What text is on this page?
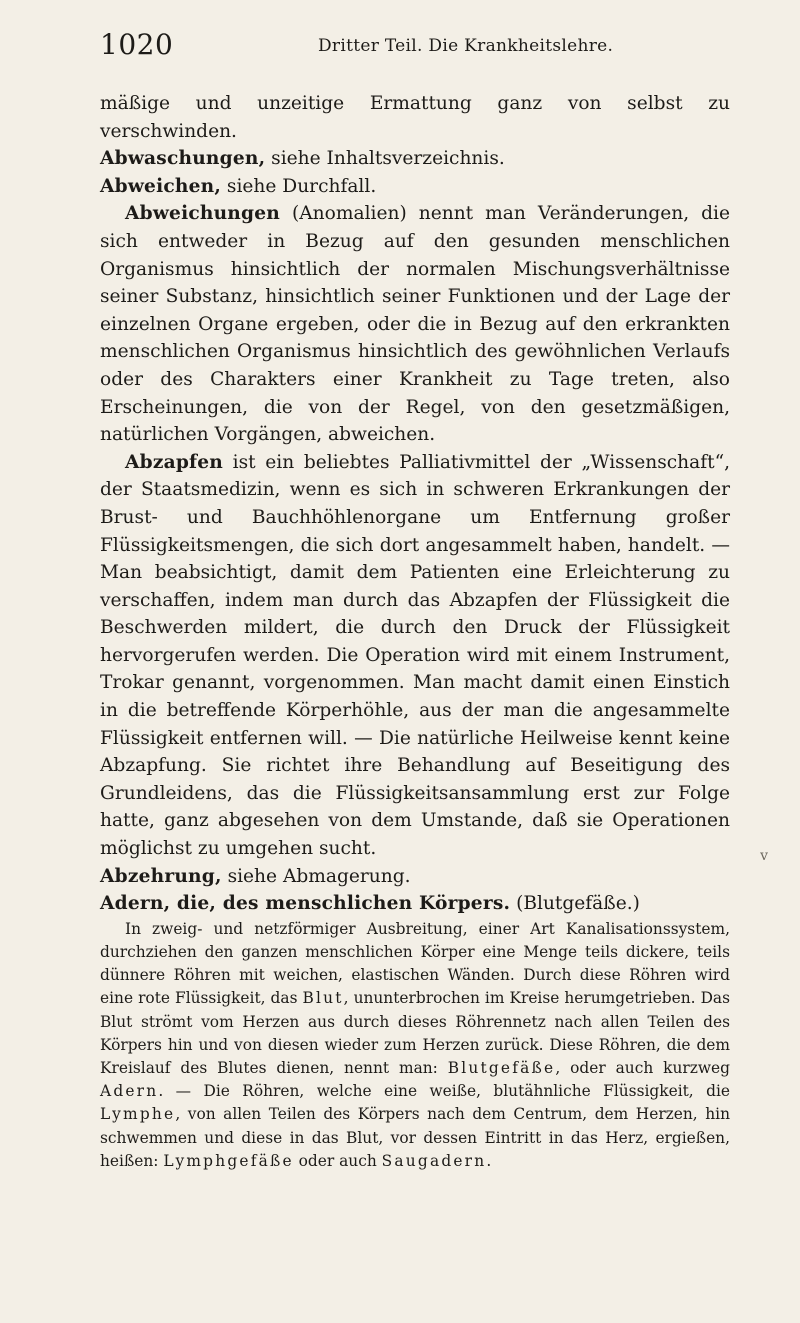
1020	Dritter Teil. Die Krankheitslehre.

mäßige und unzeitige Ermattung ganz von selbst zu verschwinden.

Abwaschungen, siehe Inhaltsverzeichnis.

Abweichen, siehe Durchfall.

Abweichungen (Anomalien) nennt man Veränderungen, die sich entweder in Bezug auf den gesunden menschlichen Organismus hinsichtlich der normalen Mischungsverhältnisse seiner Substanz, hinsichtlich seiner Funktionen und der Lage der einzelnen Organe ergeben, oder die in Bezug auf den erkrankten menschlichen Organismus hinsichtlich des gewöhnlichen Verlaufs oder des Charakters einer Krankheit zu Tage treten, also Erscheinungen, die von der Regel, von den gesetzmäßigen, natürlichen Vorgängen, abweichen.

Abzapfen ist ein beliebtes Palliativmittel der „Wissenschaft“, der Staatsmedizin, wenn es sich in schweren Erkrankungen der Brust- und Bauchhöhlenorgane um Entfernung großer Flüssigkeitsmengen, die sich dort angesammelt haben, handelt. — Man beabsichtigt, damit dem Patienten eine Erleichterung zu verschaffen, indem man durch das Abzapfen der Flüssigkeit die Beschwerden mildert, die durch den Druck der Flüssigkeit hervorgerufen werden. Die Operation wird mit einem Instrument, Trokar genannt, vorgenommen. Man macht damit einen Einstich in die betreffende Körperhöhle, aus der man die angesammelte Flüssigkeit entfernen will. — Die natürliche Heilweise kennt keine Abzapfung. Sie richtet ihre Behandlung auf Beseitigung des Grundleidens, das die Flüssigkeitsansammlung erst zur Folge hatte, ganz abgesehen von dem Umstande, daß sie Operationen möglichst zu umgehen sucht.

Abzehrung, siehe Abmagerung.

Adern, die, des menschlichen Körpers. (Blutgefäße.)

In zweig- und netzförmiger Ausbreitung, einer Art Kanalisationssystem, durchziehen den ganzen menschlichen Körper eine Menge teils dickere, teils dünnere Röhren mit weichen, elastischen Wänden. Durch diese Röhren wird eine rote Flüssigkeit, das Blut, ununterbrochen im Kreise herumgetrieben. Das Blut strömt vom Herzen aus durch dieses Röhrennetz nach allen Teilen des Körpers hin und von diesen wieder zum Herzen zurück. Diese Röhren, die dem Kreislauf des Blutes dienen, nennt man: Blutgefäße, oder auch kurzweg Adern. — Die Röhren, welche eine weiße, blutähnliche Flüssigkeit, die Lymphe, von allen Teilen des Körpers nach dem Centrum, dem Herzen, hin schwemmen und diese in das Blut, vor dessen Eintritt in das Herz, ergießen, heißen: Lymphgefäße oder auch Saugadern.

v
